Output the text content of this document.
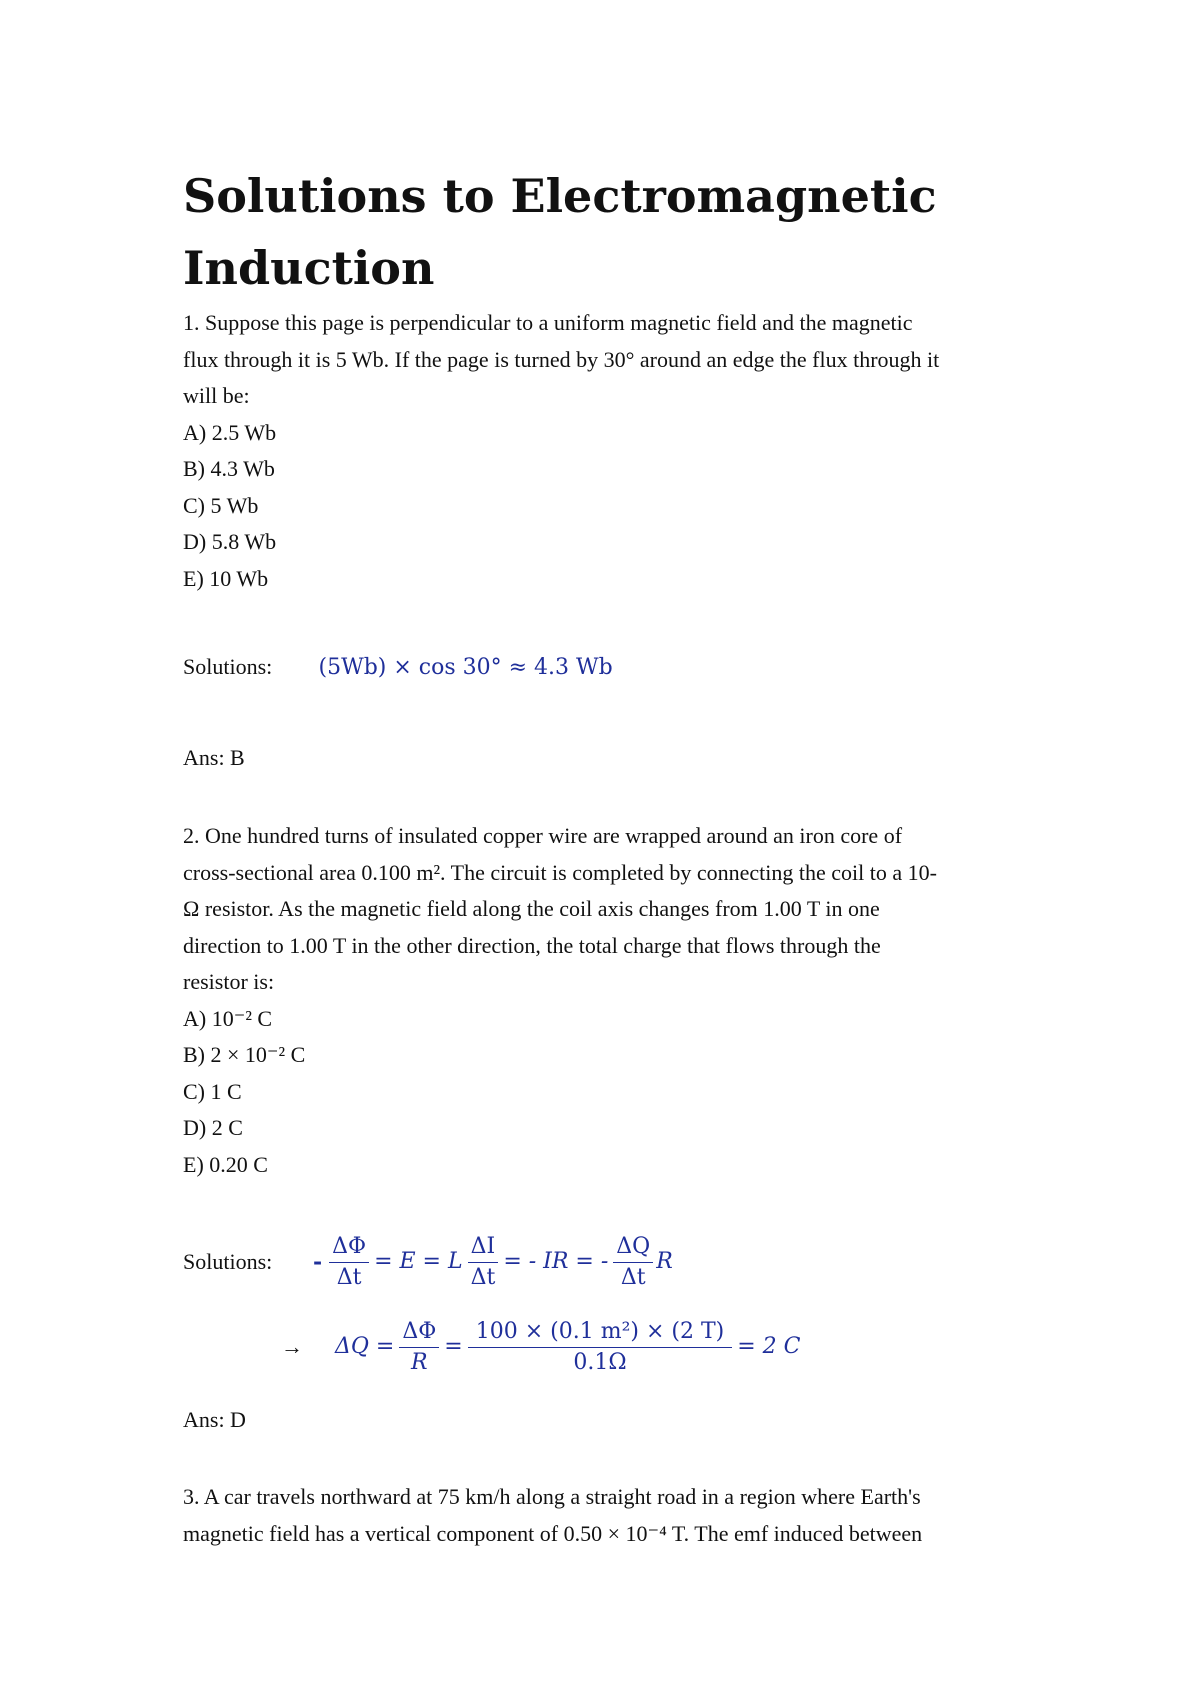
Solutions to Electromagnetic Induction
1. Suppose this page is perpendicular to a uniform magnetic field and the magnetic
flux through it is 5 Wb. If the page is turned by 30° around an edge the flux through it
will be:
A) 2.5 Wb
B) 4.3 Wb
C) 5 Wb
D) 5.8 Wb
E) 10 Wb
Solutions: (5Wb) × cos 30° ≈ 4.3 Wb
Ans: B
2. One hundred turns of insulated copper wire are wrapped around an iron core of
cross-sectional area 0.100 m². The circuit is completed by connecting the coil to a 10-
Ω resistor. As the magnetic field along the coil axis changes from 1.00 T in one
direction to 1.00 T in the other direction, the total charge that flows through the
resistor is:
A) 10⁻² C
B) 2 × 10⁻² C
C) 1 C
D) 2 C
E) 0.20 C
Solutions:	- $\frac{\Delta\Phi}{\Delta t} = E = L \frac{\Delta I}{\Delta t}$ = - IR = - $\frac{\Delta Q}{\Delta t}$ R
→	$\Delta Q = \frac{\Delta\Phi}{R} = \frac{\text{100 × (0.1 m²) × (2 T)}}{0.1\Omega} = 2$ C
Ans: D
3. A car travels northward at 75 km/h along a straight road in a region where Earth's
magnetic field has a vertical component of 0.50 × 10⁻⁴ T. The emf induced between
